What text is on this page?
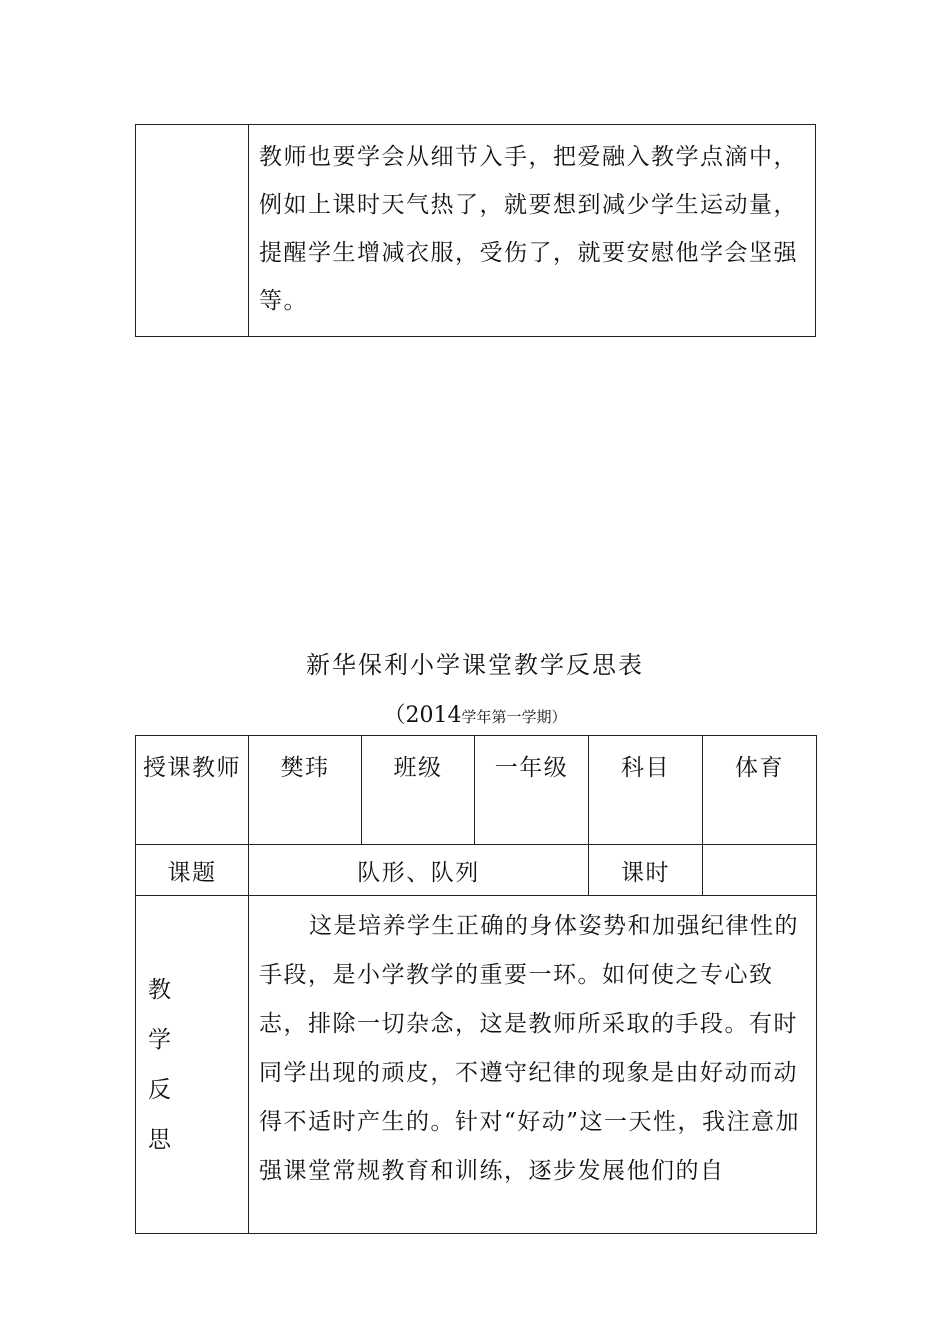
教师也要学会从细节入手，把爱融入教学点滴中，例如上课时天气热了，就要想到减少学生运动量，提醒学生增减衣服，受伤了，就要安慰他学会坚强等。

新华保利小学课堂教学反思表
（2014学年第一学期）
授课教师	樊玮	班级	一年级	科目	体育
课题	队形、队列			课时	

教
学
反
思	这是培养学生正确的身体姿势和加强纪律性的手段，是小学教学的重要一环。如何使之专心致志，排除一切杂念，这是教师所采取的手段。有时同学出现的顽皮，不遵守纪律的现象是由好动而动得不适时产生的。针对“好动”这一天性，我注意加强课堂常规教育和训练，逐步发展他们的自				
